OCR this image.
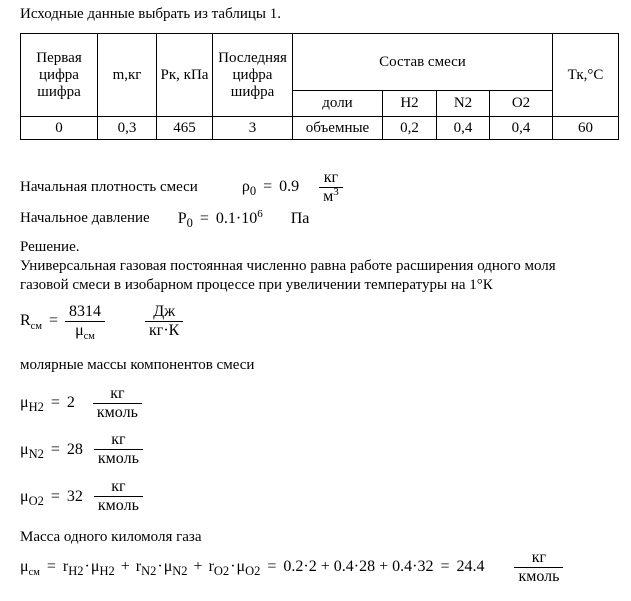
Исходные данные выбрать из таблицы 1.
Первая цифра шифра	m,кг	Рк, кПа	Последняя цифра шифра	Состав смеси				Тк,°С
				доли	H2	N2	O2	
0	0,3	465	3	объемные	0,2	0,4	0,4	60
Начальная плотность смеси	$\rho_0 = 0.9 \frac{кг}{м^3}$
Начальное давление $P_0 = 0.1\cdot 10^6$ Па
Решение.
Универсальная газовая постоянная численно равна работе расширения одного моля
газовой смеси в изобарном процессе при увеличении температуры на 1°К
$R_{см} = \frac{8314}{\mu_{см}}$	$\frac{Дж}{кг\cdot К}$
молярные массы компонентов смеси
$\mu_{H2} = 2 \frac{кг}{\text{кмоль}}$
$\mu_{N2} = 28 \frac{кг}{\text{кмоль}}$
$\mu_{O2} = 32 \frac{кг}{\text{кмоль}}$
Масса одного киломоля газа
$\mu_{см} = r_{H2}\cdot\mu_{H2} + r_{N2}\cdot\mu_{N2} + r_{O2}\cdot\mu_{O2} = 0.2\cdot 2 + 0.4\cdot 28 + 0.4\cdot 32 = 24.4 \frac{кг}{\text{кмоль}}$
